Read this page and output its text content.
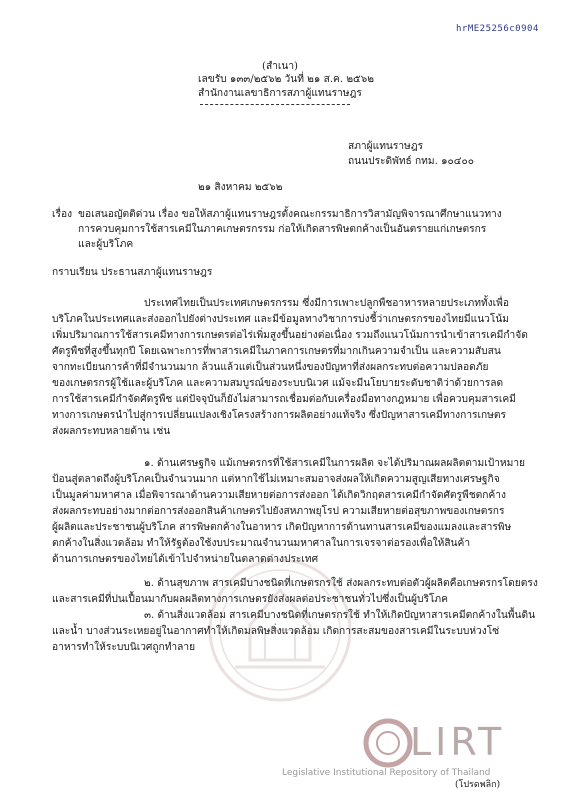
hrME25256c0904
(สำเนา)
เลขรับ ๑๓๓/๒๕๖๒ วันที่ ๒๑ ส.ค. ๒๕๖๒
สำนักงานเลขาธิการสภาผู้แทนราษฎร
สภาผู้แทนราษฎร
ถนนประดิพัทธ์ กทม. ๑๐๔๐๐
๒๑ สิงหาคม ๒๕๖๒
เรื่อง ขอเสนอญัตติด่วน เรื่อง ขอให้สภาผู้แทนราษฎรตั้งคณะกรรมาธิการวิสามัญพิจารณาศึกษาแนวทาง
การควบคุมการใช้สารเคมีในภาคเกษตรกรรม ก่อให้เกิดสารพิษตกค้างเป็นอันตรายแก่เกษตรกร
และผู้บริโภค
กราบเรียน ประธานสภาผู้แทนราษฎร
ประเทศไทยเป็นประเทศเกษตรกรรม ซึ่งมีการเพาะปลูกพืชอาหารหลายประเภททั้งเพื่อ
บริโภคในประเทศและส่งออกไปยังต่างประเทศ และมีข้อมูลทางวิชาการบ่งชี้ว่าเกษตรกรของไทยมีแนวโน้ม
เพิ่มปริมาณการใช้สารเคมีทางการเกษตรต่อไร่เพิ่มสูงขึ้นอย่างต่อเนื่อง รวมถึงแนวโน้มการนำเข้าสารเคมีกำจัด
ศัตรูพืชที่สูงขึ้นทุกปี โดยเฉพาะการที่พาสารเคมีในภาคการเกษตรที่มากเกินความจำเป็น และความสับสน
จากทะเบียนการค้าที่มีจำนวนมาก ล้วนแล้วแต่เป็นส่วนหนึ่งของปัญหาที่ส่งผลกระทบต่อความปลอดภัย
ของเกษตรกรผู้ใช้และผู้บริโภค และความสมบูรณ์ของระบบนิเวศ แม้จะมีนโยบายระดับชาติว่าด้วยการลด
การใช้สารเคมีกำจัดศัตรูพืช แต่ปัจจุบันก็ยังไม่สามารถเชื่อมต่อกับเครื่องมือทางกฎหมาย เพื่อควบคุมสารเคมี
ทางการเกษตรนำไปสู่การเปลี่ยนแปลงเชิงโครงสร้างการผลิตอย่างแท้จริง ซึ่งปัญหาสารเคมีทางการเกษตร
ส่งผลกระทบหลายด้าน เช่น
๑. ด้านเศรษฐกิจ แม้เกษตรกรที่ใช้สารเคมีในการผลิต จะได้ปริมาณผลผลิตตามเป้าหมาย
ป้อนสู่ตลาดถึงผู้บริโภคเป็นจำนวนมาก แต่หากใช้ไม่เหมาะสมอาจส่งผลให้เกิดความสูญเสียทางเศรษฐกิจ
เป็นมูลค่ามหาศาล เมื่อพิจารณาด้านความเสียหายต่อการส่งออก ได้เกิดวิกฤตสารเคมีกำจัดศัตรูพืชตกค้าง
ส่งผลกระทบอย่างมากต่อการส่งออกสินค้าเกษตรไปยังสหภาพยุโรป ความเสียหายต่อสุขภาพของเกษตรกร
ผู้ผลิตและประชาชนผู้บริโภค สารพิษตกค้างในอาหาร เกิดปัญหาการต้านทานสารเคมีของแมลงและสารพิษ
ตกค้างในสิ่งแวดล้อม ทำให้รัฐต้องใช้งบประมาณจำนวนมหาศาลในการเจรจาต่อรองเพื่อให้สินค้า
ด้านการเกษตรของไทยได้เข้าไปจำหน่ายในตลาดต่างประเทศ
๒. ด้านสุขภาพ สารเคมีบางชนิดที่เกษตรกรใช้ ส่งผลกระทบต่อตัวผู้ผลิตคือเกษตรกรโดยตรง
และสารเคมีที่ปนเปื้อนมากับผลผลิตทางการเกษตรยังส่งผลต่อประชาชนทั่วไปซึ่งเป็นผู้บริโภค
๓. ด้านสิ่งแวดล้อม สารเคมีบางชนิดที่เกษตรกรใช้ ทำให้เกิดปัญหาสารเคมีตกค้างในพื้นดิน
และน้ำ บางส่วนระเหยอยู่ในอากาศทำให้เกิดมลพิษสิ่งแวดล้อม เกิดการสะสมของสารเคมีในระบบห่วงโซ่
อาหารทำให้ระบบนิเวศถูกทำลาย
LIRT
Legislative Institutional Repository of Thailand
(โปรดพลิก)
